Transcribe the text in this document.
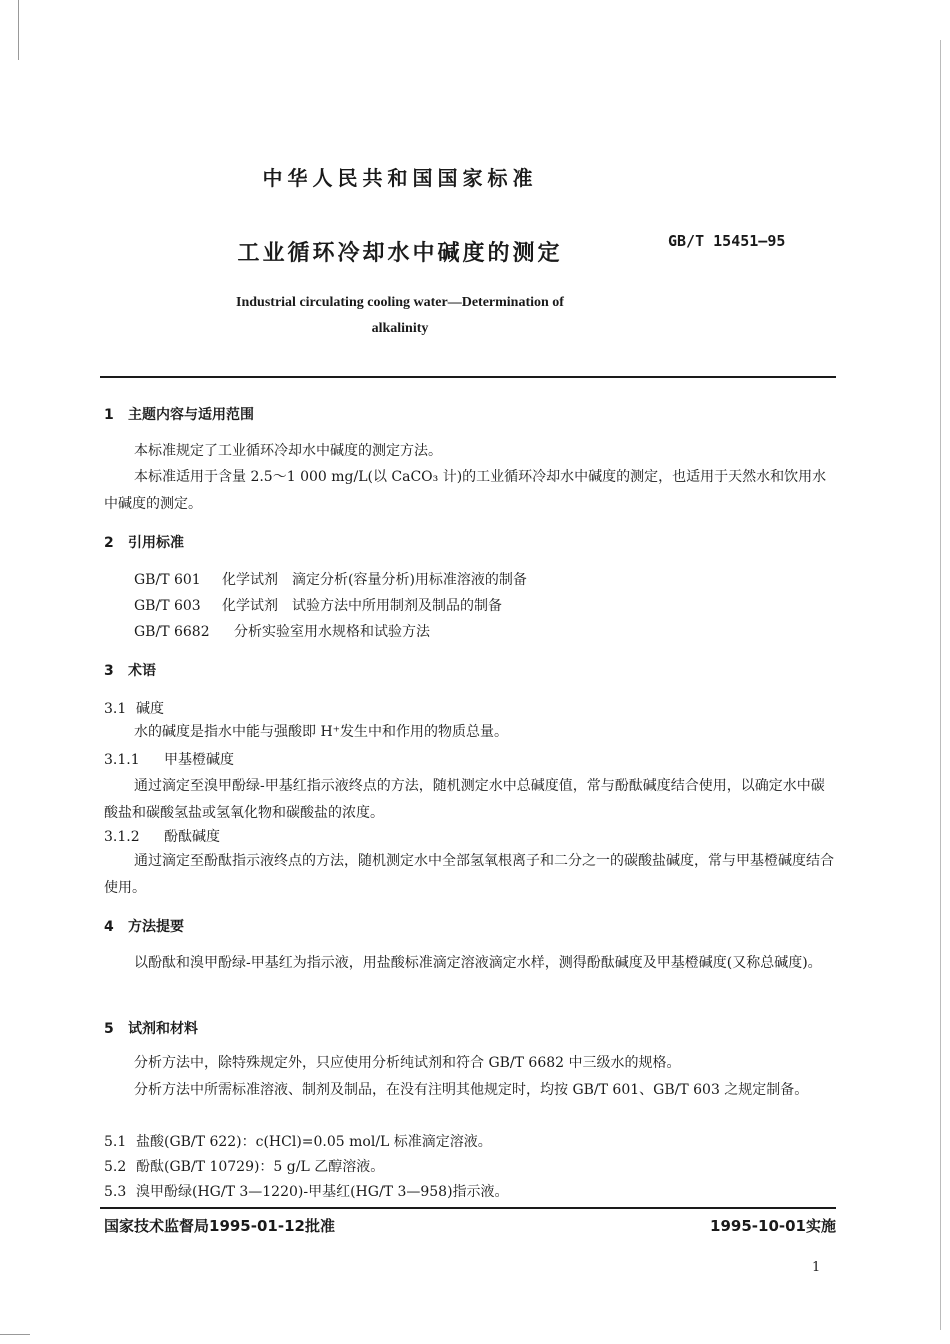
中华人民共和国国家标准
工业循环冷却水中碱度的测定	GB/T 15451—95
Industrial circulating cooling water—Determination of
alkalinity
1 主题内容与适用范围
本标准规定了工业循环冷却水中碱度的测定方法。
本标准适用于含量 2.5～1 000 mg/L(以 CaCO₃ 计)的工业循环冷却水中碱度的测定，也适用于天然水和饮用水中碱度的测定。
2 引用标准
GB/T 601 化学试剂　滴定分析(容量分析)用标准溶液的制备
GB/T 603 化学试剂　试验方法中所用制剂及制品的制备
GB/T 6682 分析实验室用水规格和试验方法
3 术语
3.1 碱度
水的碱度是指水中能与强酸即 H⁺发生中和作用的物质总量。
3.1.1 甲基橙碱度
通过滴定至溴甲酚绿-甲基红指示液终点的方法，随机测定水中总碱度值，常与酚酞碱度结合使用，以确定水中碳酸盐和碳酸氢盐或氢氧化物和碳酸盐的浓度。
3.1.2 酚酞碱度
通过滴定至酚酞指示液终点的方法，随机测定水中全部氢氧根离子和二分之一的碳酸盐碱度，常与甲基橙碱度结合使用。
4 方法提要
以酚酞和溴甲酚绿-甲基红为指示液，用盐酸标准滴定溶液滴定水样，测得酚酞碱度及甲基橙碱度(又称总碱度)。
5 试剂和材料
分析方法中，除特殊规定外，只应使用分析纯试剂和符合 GB/T 6682 中三级水的规格。
分析方法中所需标准溶液、制剂及制品，在没有注明其他规定时，均按 GB/T 601、GB/T 603 之规定制备。
5.1 盐酸(GB/T 622)：c(HCl)=0.05 mol/L 标准滴定溶液。
5.2 酚酞(GB/T 10729)：5 g/L 乙醇溶液。
5.3 溴甲酚绿(HG/T 3—1220)-甲基红(HG/T 3—958)指示液。
国家技术监督局1995-01-12批准	1995-10-01实施
1
